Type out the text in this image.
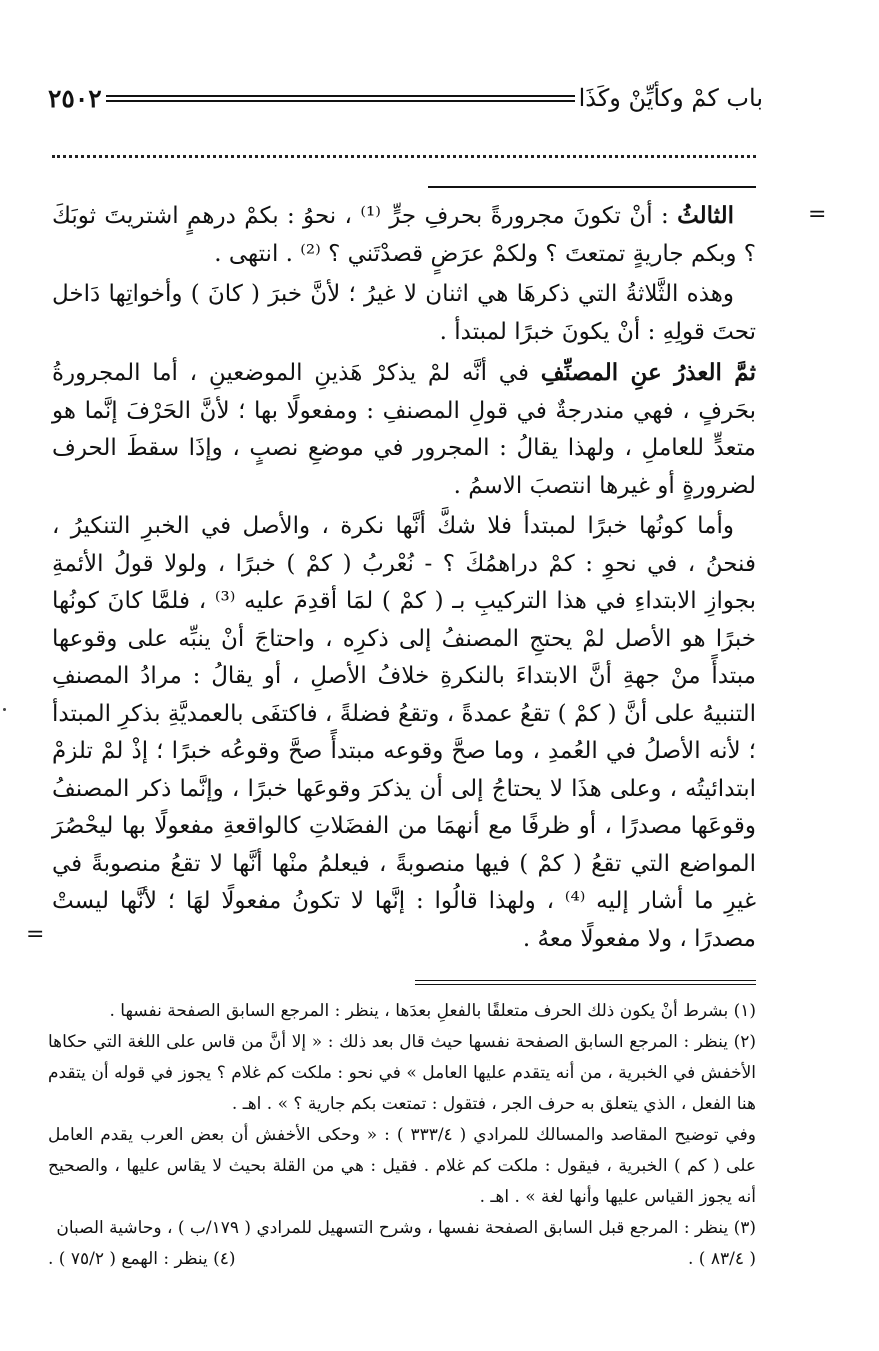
باب كمْ وكأيِّنْ وكَذَا
٢٥٠٢
=
=

الثالثُ : أنْ تكونَ مجرورةً بحرفِ جرٍّ ⁽¹⁾ ، نحوُ : بكمْ درهمٍ اشتريتَ ثوبَكَ ؟ وبكم جاريةٍ تمتعتَ ؟ ولكمْ عرَضٍ قصدْتَني ؟ ⁽²⁾ . انتهى .

وهذه الثَّلاثةُ التي ذكرهَا هي اثنان لا غيرُ ؛ لأنَّ خبرَ ( كانَ ) وأخواتِها دَاخل تحتَ قولِهِ : أنْ يكونَ خبرًا لمبتدأ .

ثمَّ العذرُ عنِ المصنِّفِ في أنَّه لمْ يذكرْ هَذينِ الموضعينِ ، أما المجرورةُ بحَرفٍ ، فهي مندرجةٌ في قولِ المصنفِ : ومفعولًا بها ؛ لأنَّ الحَرْفَ إنَّما هو متعدٍّ للعاملِ ، ولهذا يقالُ : المجرور في موضعِ نصبٍ ، وإذَا سقطَ الحرف لضرورةٍ أو غيرها انتصبَ الاسمُ .

وأما كونُها خبرًا لمبتدأ فلا شكَّ أنَّها نكرة ، والأصل في الخبرِ التنكيرُ ، فنحنُ ، في نحوِ : كمْ دراهمُكَ ؟ - نُعْربُ ( كمْ ) خبرًا ، ولولا قولُ الأئمةِ بجوازِ الابتداءِ في هذا التركيبِ بـ ( كمْ ) لمَا أقدِمَ عليه ⁽³⁾ ، فلمَّا كانَ كونُها خبرًا هو الأصل لمْ يحتجِ المصنفُ إلى ذكرِه ، واحتاجَ أنْ ينبِّه على وقوعها مبتدأً منْ جهةِ أنَّ الابتداءَ بالنكرةِ خلافُ الأصلِ ، أو يقالُ : مرادُ المصنفِ التنبيهُ على أنَّ ( كمْ ) تقعُ عمدةً ، وتقعُ فضلةً ، فاكتفَى بالعمديَّةِ بذكرِ المبتدأ ؛ لأنه الأصلُ في العُمدِ ، وما صحَّ وقوعه مبتدأً صحَّ وقوعُه خبرًا ؛ إذْ لمْ تلزمْ ابتدائيتُه ، وعلى هذَا لا يحتاجُ إلى أن يذكرَ وقوعَها خبرًا ، وإنَّما ذكر المصنفُ وقوعَها مصدرًا ، أو ظرفًا مع أنهمَا من الفضَلاتِ كالواقعةِ مفعولًا بها ليحْصُرَ المواضع التي تقعُ ( كمْ ) فيها منصوبةً ، فيعلمُ منْها أنَّها لا تقعُ منصوبةً في غيرِ ما أشار إليه ⁽⁴⁾ ، ولهذا قالُوا : إنَّها لا تكونُ مفعولًا لهَا ؛ لأنَّها ليستْ مصدرًا ، ولا مفعولًا معهُ .

(١) بشرط أنْ يكون ذلك الحرف متعلقًا بالفعلِ بعدَها ، ينظر : المرجع السابق الصفحة نفسها .

(٢) ينظر : المرجع السابق الصفحة نفسها حيث قال بعد ذلك : « إلا أنَّ من قاس على اللغة التي حكاها الأخفش في الخبرية ، من أنه يتقدم عليها العامل » في نحو : ملكت كم غلام ؟ يجوز في قوله أن يتقدم هنا الفعل ، الذي يتعلق به حرف الجر ، فتقول : تمتعت بكم جارية ؟ » . اهـ .

وفي توضيح المقاصد والمسالك للمرادي ( ٣٣٣/٤ ) : « وحكى الأخفش أن بعض العرب يقدم العامل على ( كم ) الخبرية ، فيقول : ملكت كم غلام . فقيل : هي من القلة بحيث لا يقاس عليها ، والصحيح أنه يجوز القياس عليها وأنها لغة » . اهـ .

(٣) ينظر : المرجع قبل السابق الصفحة نفسها ، وشرح التسهيل للمرادي ( ١٧٩/ب ) ، وحاشية الصبان

( ٨٣/٤ ) .
(٤) ينظر : الهمع ( ٧٥/٢ ) .
